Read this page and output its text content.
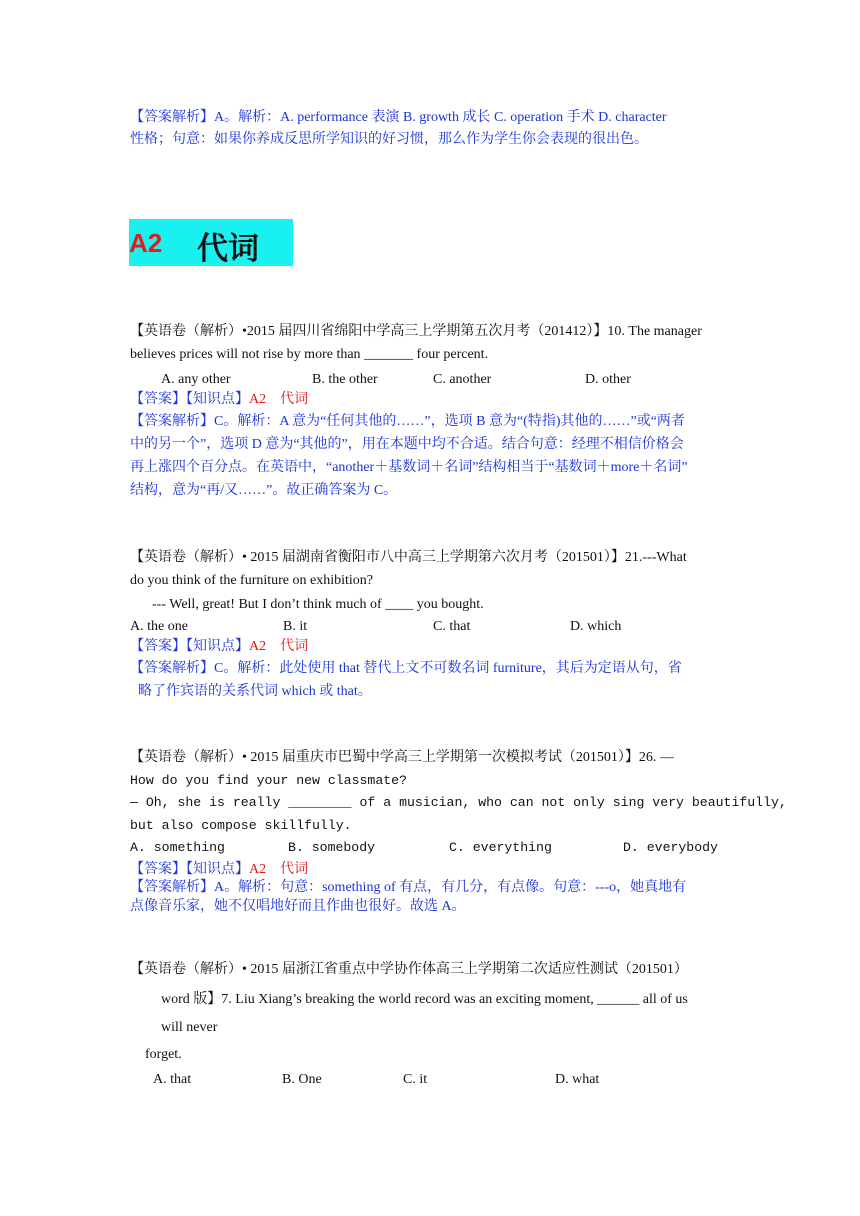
【答案解析】A。解析：A. performance 表演 B. growth 成长 C. operation 手术 D. character
性格；句意：如果你养成反思所学知识的好习惯，那么作为学生你会表现的很出色。
A2 代词
【英语卷（解析）•2015 届四川省绵阳中学高三上学期第五次月考（201412）】10. The manager
believes prices will not rise by more than _______ four percent.
A. any other	B. the other	C. another	D. other
【答案】【知识点】A2    代词
【答案解析】C。解析：A 意为“任何其他的……”，选项 B 意为“(特指)其他的……”或“两者
中的另一个”，选项 D 意为“其他的”，用在本题中均不合适。结合句意：经理不相信价格会
再上涨四个百分点。在英语中，“another＋基数词＋名词”结构相当于“基数词＋more＋名词”
结构，意为“再/又……”。故正确答案为 C。
【英语卷（解析）• 2015 届湖南省衡阳市八中高三上学期第六次月考（201501）】21.---What
do you think of the furniture on exhibition?
--- Well, great! But I don’t think much of ____ you bought.
A. the one	B. it	C. that	D. which
【答案】【知识点】A2    代词
【答案解析】C。解析：此处使用 that 替代上文不可数名词 furniture，其后为定语从句，省
略了作宾语的关系代词 which 或 that。
【英语卷（解析）• 2015 届重庆市巴蜀中学高三上学期第一次模拟考试（201501）】26. —
How do you find your new classmate?
— Oh, she is really ________ of a musician, who can not only sing very beautifully,
but also compose skillfully.
A. something	B. somebody	C. everything	D. everybody
【答案】【知识点】A2    代词
【答案解析】A。解析：句意：something of 有点，有几分，有点像。句意：---o，她真地有
点像音乐家，她不仅唱地好而且作曲也很好。故选 A。
【英语卷（解析）• 2015 届浙江省重点中学协作体高三上学期第二次适应性测试（201501）
word 版】7. Liu Xiang’s breaking the world record was an exciting moment, ______ all of us
will never
forget.
A. that	B. One	C. it	D. what
